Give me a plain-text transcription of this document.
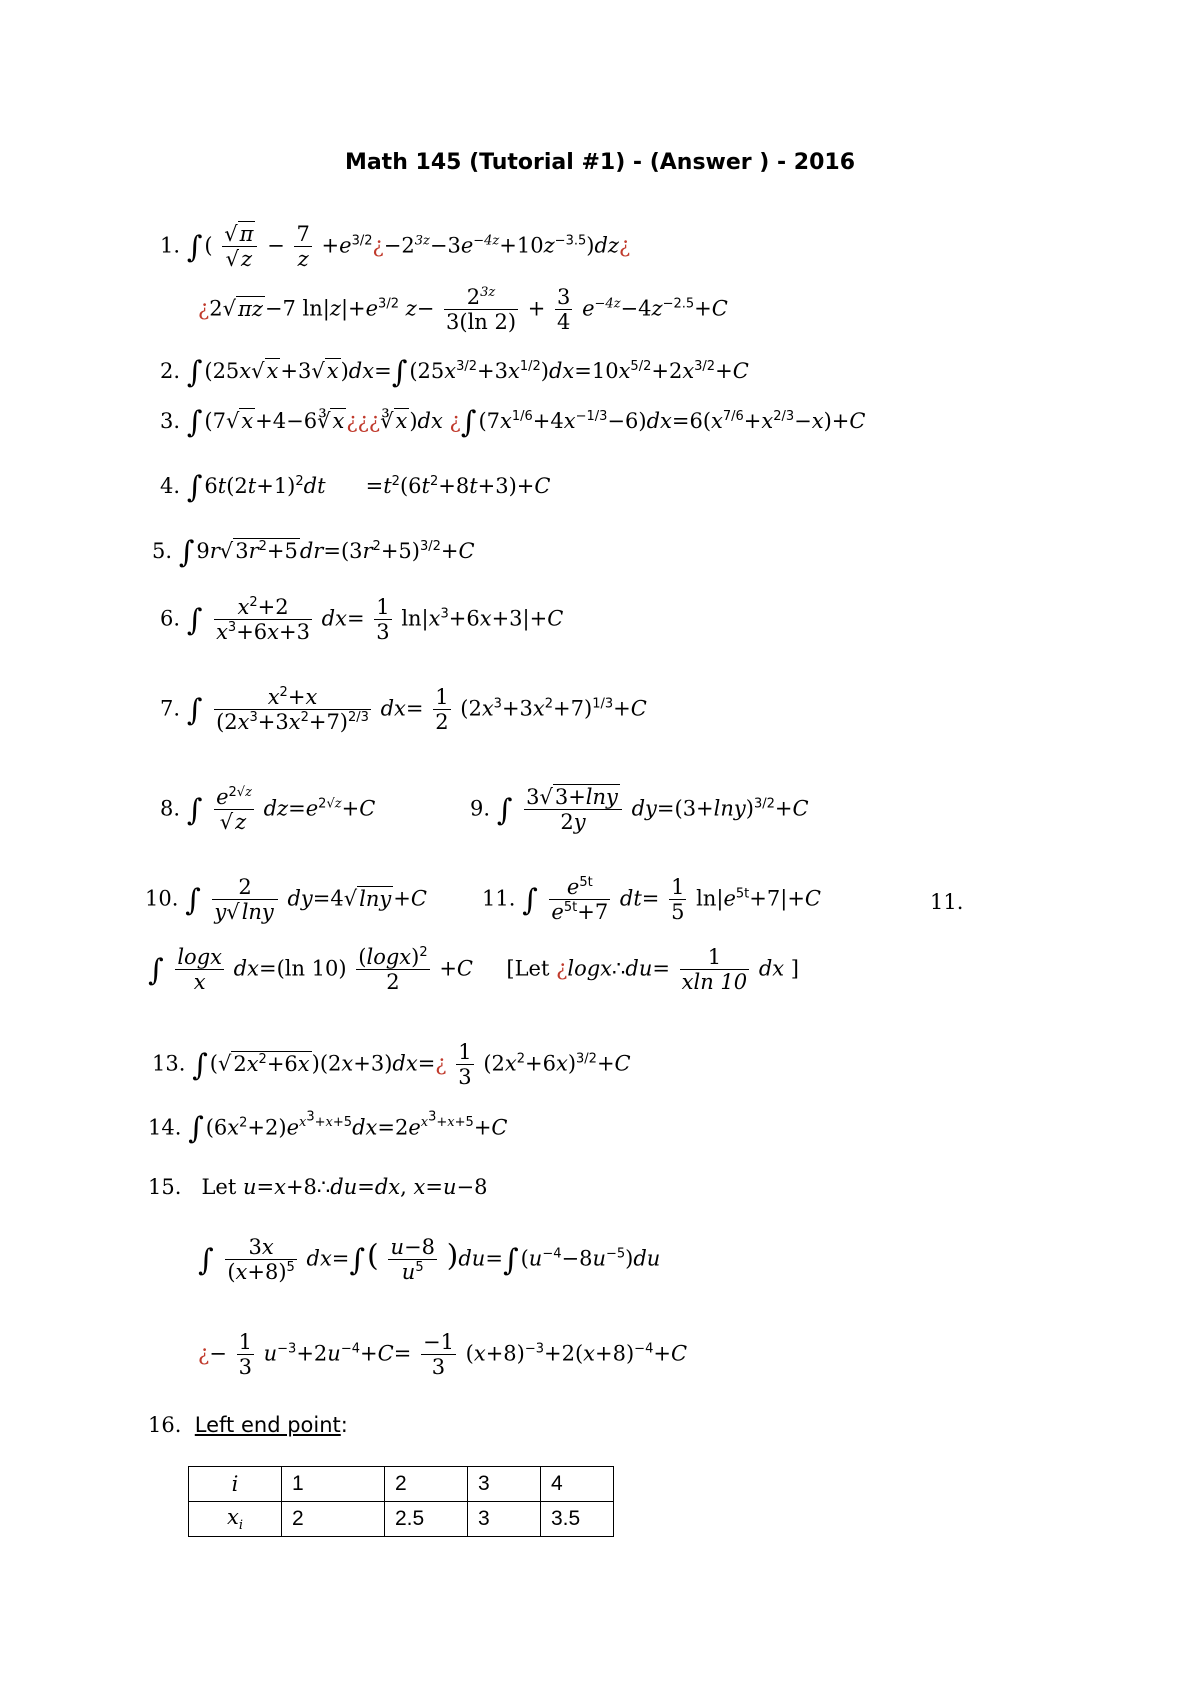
Math 145 (Tutorial #1) - (Answer ) - 2016
1. ∫( $\frac{√\pi}{√z} - \frac{7}{z}$ $+e^{3/2}¿-2^{3z}-3e^{-4z}+10z^{-3.5})dz¿$
¿2√πz−7 $\ln|z|+e^{3/2}$ $z- \frac{2^{3z}}{3(\ln 2)} + \frac{3}{4} e^{-4z}-4z^{-2.5}+C$
2. $\int(25x√x+3√x)dx=\int(25x^{3/2}+3x^{1/2})dx=10x^{5/2}+2x^{3/2}+C$
3. ∫(7√x+4−6∛x¿¿¿∛x)dx ¿$\int(7x^{1/6}+4x^{-1/3}-6)dx=6(x^{7/6}+x^{2/3}-x)+C$
4. $\int 6t(2t+1)^2dt$      $=t^2(6t^2+8t+3)+C$
5. $\int 9r√3r^2+5dr=(3r^2+5)^{3/2}+C$
6. ∫ $\frac{x^2+2}{x^3+6x+3} dx= \frac{1}{3} \ln|x^3+6x+3|+C$
7. ∫ $\frac{x^2+x}{(2x^3+3x^2+7)^{2/3}} dx= \frac{1}{2} (2x^3+3x^2+7)^{1/3}+C$
8. ∫ $\frac{e^{2√z}}{√z} dz=e^{2√z}+C$	9. ∫ $\frac{3√3+\ln y}{2y} dy=(3+\ln y)^{3/2}+C$
10. ∫ $\frac{2}{y√\ln y} dy=4√\ln y+C$	11. ∫ $\frac{e^{5t}}{e^{5t}+7} dt= \frac{1}{5} \ln|e^{5t}+7|+C$	11.
∫ $\frac{\log x}{x} dx=(\ln$ $10) \frac{(\log x)^2}{2} +C$ [Let ¿logx∴du= $\frac{1}{xln 10}$ dx ]
13. $\int(√2x^2+6x)(2x+3)dx=¿ \frac{1}{3} (2x^2+6x)^{3/2}+C$
14. $\int(6x^2+2)e^{x^3+x+5}dx=2e^{x^3+x+5}+C$
15. Let u=x+8∴du=dx, x=u−8
∫ $\frac{3x}{(x+8)^5} dx=\int( \frac{u-8}{u^5} )du=\int(u^{-4}-8u^{-5})du$
¿− $\frac{1}{3} u^{-3}+2u^{-4}+C= \frac{-1}{3} (x+8)^{-3}+2(x+8)^{-4}+C$
16. Left end point:
i	1	2	3	4
$x_i$	2	2.5	3	3.5
